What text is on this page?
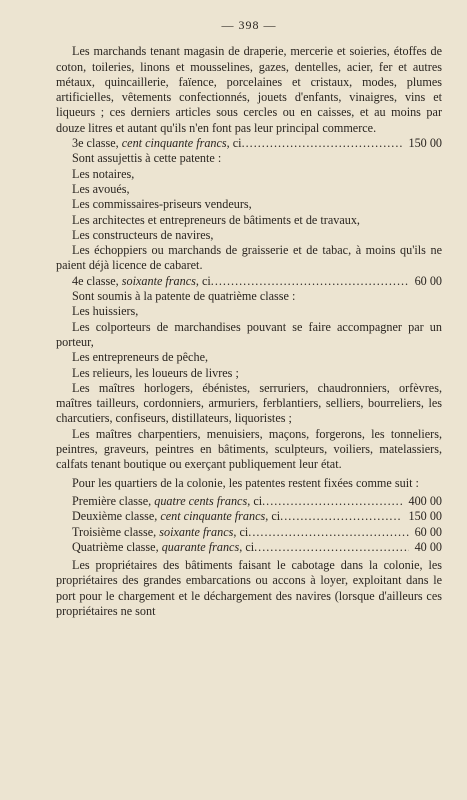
— 398 —

Les marchands tenant magasin de draperie, mercerie et soieries, étoffes de coton, toileries, linons et mousselines, gazes, dentelles, acier, fer et autres métaux, quincaillerie, faïence, porcelaines et cristaux, modes, plumes artificielles, vêtements confectionnés, jouets d'enfants, vinaigres, vins et liqueurs ; ces derniers articles sous cercles ou en caisses, et au moins par douze litres et autant qu'ils n'en font pas leur principal commerce.

3e classe, cent cinquante francs, ci .....	150 00

Sont assujettis à cette patente :

Les notaires,

Les avoués,

Les commissaires-priseurs vendeurs,

Les architectes et entrepreneurs de bâtiments et de travaux,

Les constructeurs de navires,

Les échoppiers ou marchands de graisserie et de tabac, à moins qu'ils ne paient déjà licence de cabaret.

4e classe, soixante francs, ci .....	60 00

Sont soumis à la patente de quatrième classe :

Les huissiers,

Les colporteurs de marchandises pouvant se faire accompagner par un porteur,

Les entrepreneurs de pêche,

Les relieurs, les loueurs de livres ;

Les maîtres horlogers, ébénistes, serruriers, chaudronniers, orfèvres, maîtres tailleurs, cordonniers, armuriers, ferblantiers, selliers, bourreliers, les charcutiers, confiseurs, distillateurs, liquoristes ;

Les maîtres charpentiers, menuisiers, maçons, forgerons, les tonneliers, peintres, graveurs, peintres en bâtiments, sculpteurs, voiliers, matelassiers, calfats tenant boutique ou exerçant publiquement leur état.

Pour les quartiers de la colonie, les patentes restent fixées comme suit :

Première classe, quatre cents francs, ci .....	400 00
Deuxième classe, cent cinquante francs, ci .....	150 00
Troisième classe, soixante francs, ci .....	60 00
Quatrième classe, quarante francs, ci .....	40 00

Les propriétaires des bâtiments faisant le cabotage dans la colonie, les propriétaires des grandes embarcations ou accons à loyer, exploitant dans le port pour le chargement et le déchargement des navires (lorsque d'ailleurs ces propriétaires ne sont
